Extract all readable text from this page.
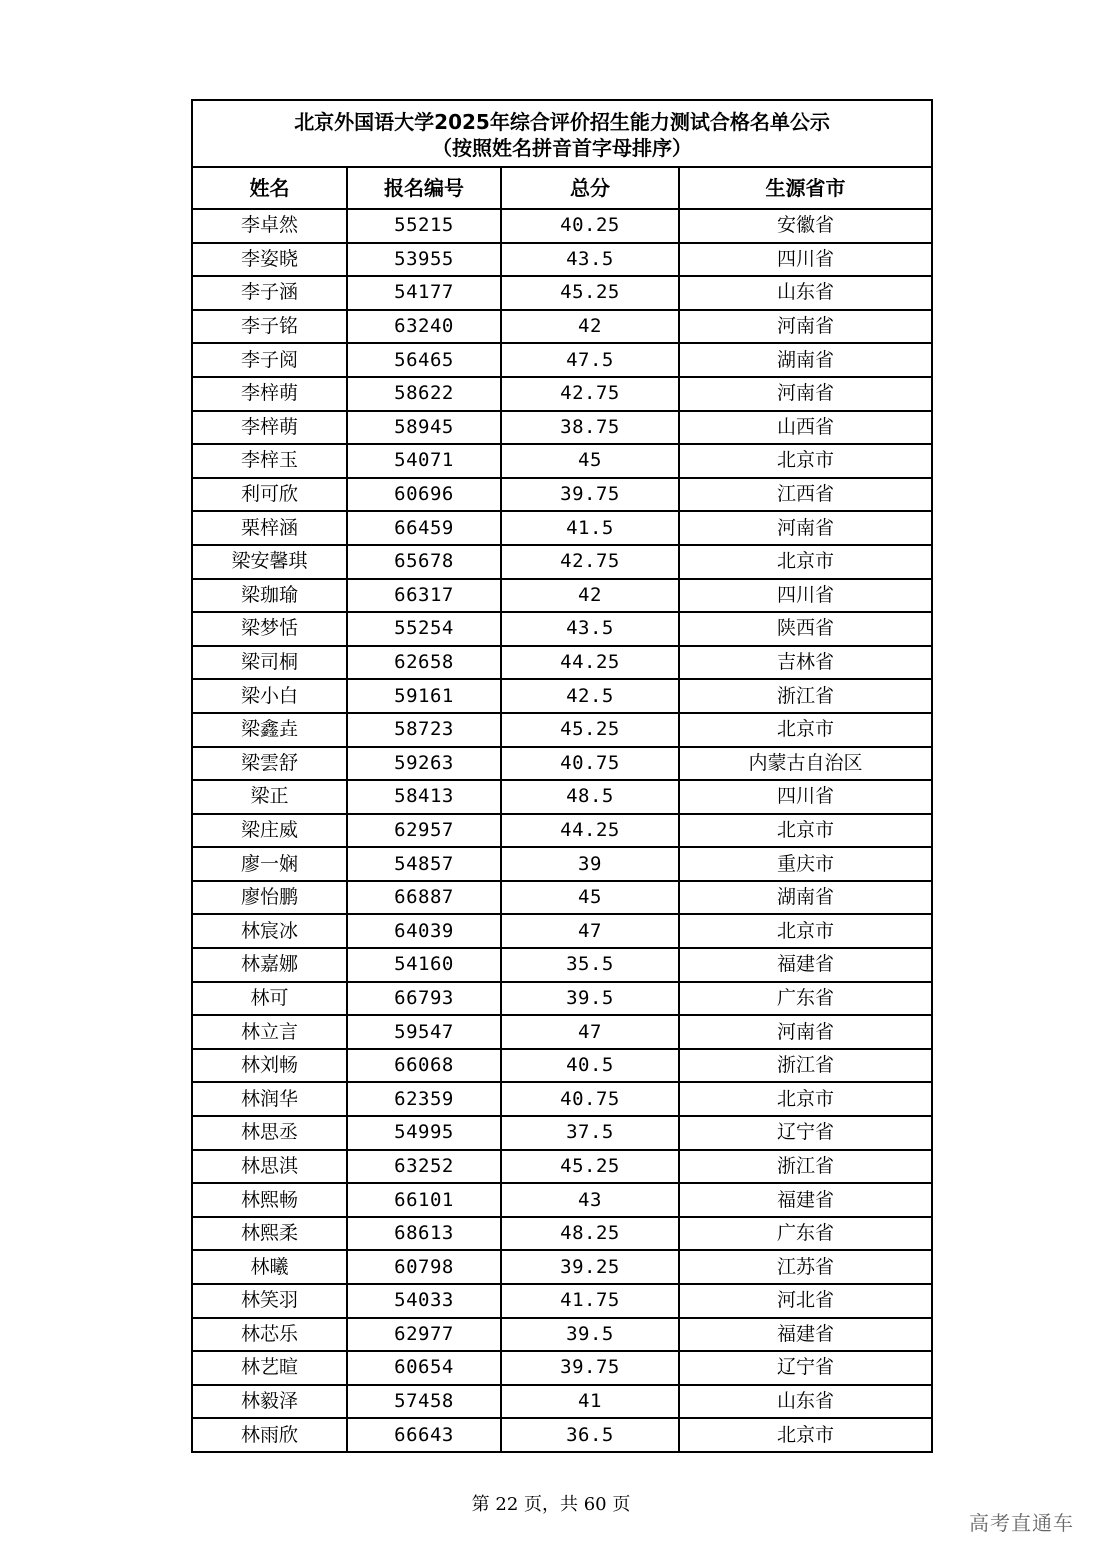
北京外国语大学2025年综合评价招生能力测试合格名单公示
（按照姓名拼音首字母排序）			

姓名	报名编号	总分	生源省市
李卓然	55215	40.25	安徽省
李姿晓	53955	43.5	四川省
李子涵	54177	45.25	山东省
李子铭	63240	42	河南省
李子阅	56465	47.5	湖南省
李梓萌	58622	42.75	河南省
李梓萌	58945	38.75	山西省
李梓玉	54071	45	北京市
利可欣	60696	39.75	江西省
栗梓涵	66459	41.5	河南省
梁安馨琪	65678	42.75	北京市
梁珈瑜	66317	42	四川省
梁梦恬	55254	43.5	陕西省
梁司桐	62658	44.25	吉林省
梁小白	59161	42.5	浙江省
梁鑫垚	58723	45.25	北京市
梁雲舒	59263	40.75	内蒙古自治区
梁正	58413	48.5	四川省
梁庄威	62957	44.25	北京市
廖一娴	54857	39	重庆市
廖怡鹏	66887	45	湖南省
林宸冰	64039	47	北京市
林嘉娜	54160	35.5	福建省
林可	66793	39.5	广东省
林立言	59547	47	河南省
林刘畅	66068	40.5	浙江省
林润华	62359	40.75	北京市
林思丞	54995	37.5	辽宁省
林思淇	63252	45.25	浙江省
林熙畅	66101	43	福建省
林熙柔	68613	48.25	广东省
林曦	60798	39.25	江苏省
林笑羽	54033	41.75	河北省
林芯乐	62977	39.5	福建省
林艺暄	60654	39.75	辽宁省
林毅泽	57458	41	山东省
林雨欣	66643	36.5	北京市
第 22 页，共 60 页
高考直通车
